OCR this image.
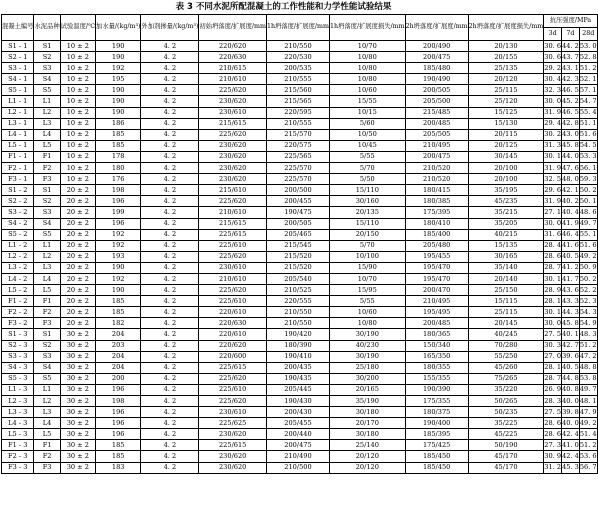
表 3 不同水泥所配混凝土的工作性能和力学性能试验结果
混凝土编号	水泥品种	试验温度/℃	加水量/(kg/m³)	外加剂掺量/(kg/m³)	初始坍落度/扩展度/mm	1h坍落度/扩展度/mm	1h坍落度/扩展度损失/mm	2h坍落度/扩展度/mm	2h坍落度/扩展度损失/mm	抗压强度/MPa		
										3d	7d	28d
S1 - 1	S1	10 ± 2	190	4. 2	220/620	210/550	10/70	200/490	20/130	30. 6	44. 2	53. 0
S2 - 1	S2	10 ± 2	190	4. 2	220/630	220/530	10/80	200/475	20/155	30. 6	43. 7	52. 8
S3 - 1	S3	10 ± 2	192	4. 2	210/615	200/535	10/80	185/480	25/135	29. 2	43. 1	51. 2
S4 - 1	S4	10 ± 2	195	4. 2	210/610	210/555	10/80	190/490	20/120	30. 4	42. 3	52. 1
S5 - 1	S5	10 ± 2	190	4. 2	225/620	215/560	10/60	200/505	25/115	32. 3	46. 5	57. 1
L1 - 1	L1	10 ± 2	190	4. 2	230/620	215/565	15/55	205/500	25/120	30. 0	45. 2	54. 7
L2 - 1	L2	10 ± 2	190	4. 2	230/610	220/595	10/15	215/485	15/125	31. 9	46. 5	55. 4
L3 - 1	L3	10 ± 2	186	4. 2	215/615	210/555	5/60	200/485	15/130	29. 4	42. 8	51. 1
L4 - 1	L4	10 ± 2	185	4. 2	225/620	215/570	10/50	205/505	20/115	30. 2	43. 0	51. 6
L5 - 1	L5	10 ± 2	185	4. 2	230/620	220/575	10/45	210/495	20/125	31. 3	45. 8	54. 5
F1 - 1	F1	10 ± 2	178	4. 2	230/620	225/565	5/55	200/475	30/145	30. 1	44. 0	53. 3
F2 - 1	F2	10 ± 2	180	4. 2	230/620	225/570	5/70	210/520	20/100	31. 9	47. 6	56. 1
F3 - 1	F3	10 ± 2	176	4. 2	230/620	225/570	5/50	210/520	20/100	32. 5	48. 0	59. 3
S1 - 2	S1	20 ± 2	198	4. 2	215/610	200/500	15/110	180/415	35/195	29. 6	42. 1	50. 2
S2 - 2	S2	20 ± 2	196	4. 2	225/620	200/455	30/160	180/385	45/235	31. 9	40. 2	50. 1
S3 - 2	S3	20 ± 2	199	4. 2	210/610	190/475	20/135	175/395	35/215	27. 1	40. 4	48. 6
S4 - 2	S4	20 ± 2	196	4. 2	215/615	200/505	15/110	180/410	35/205	30. 0	41. 9	49. 7
S5 - 2	S5	20 ± 2	192	4. 2	225/615	205/465	20/150	185/400	40/215	31. 6	46. 4	55. 1
L1 - 2	L1	20 ± 2	192	4. 2	225/610	215/545	5/70	205/480	15/135	28. 4	41. 6	51. 6
L2 - 2	L2	20 ± 2	193	4. 2	225/620	215/520	10/100	195/455	30/165	28. 6	40. 5	49. 2
L3 - 2	L3	20 ± 2	190	4. 2	230/610	215/520	15/90	195/470	35/140	28. 7	41. 2	50. 9
L4 - 2	L4	20 ± 2	192	4. 2	210/610	205/540	10/70	195/470	20/140	30. 1	41. 7	50. 2
L5 - 2	L5	20 ± 2	190	4. 2	225/620	210/525	15/95	200/470	25/150	28. 9	43. 6	52. 2
F1 - 2	F1	20 ± 2	185	4. 2	225/610	220/555	5/55	210/495	15/115	28. 1	43. 3	52. 3
F2 - 2	F2	20 ± 2	185	4. 2	220/610	210/550	10/60	195/495	25/115	30. 1	44. 3	54. 3
F3 - 2	F3	20 ± 2	182	4. 2	220/630	210/550	10/80	200/485	20/145	30. 0	45. 8	54. 9
S1 - 3	S1	30 ± 2	204	4. 2	220/610	190/420	30/190	180/365	40/245	27. 5	40. 1	48. 3
S2 - 3	S2	30 ± 2	203	4. 2	220/620	180/390	40/230	150/340	70/280	30. 3	42. 7	51. 2
S3 - 3	S3	30 ± 2	204	4. 2	220/600	190/410	30/190	165/350	55/250	27. 0	39. 6	47. 2
S4 - 3	S4	30 ± 2	204	4. 2	225/615	200/435	25/180	180/355	45/260	28. 1	40. 5	48. 8
S5 - 3	S5	30 ± 2	200	4. 2	225/620	190/435	30/200	155/355	75/265	28. 7	44. 8	53. 8
L1 - 3	L1	30 ± 2	196	4. 2	225/610	205/445	20/165	190/390	35/220	26. 9	40. 8	49. 7
L2 - 3	L2	30 ± 2	198	4. 2	225/620	190/430	35/190	175/355	50/265	28. 3	40. 0	48. 1
L3 - 3	L3	30 ± 2	196	4. 2	230/610	200/430	30/180	180/375	50/235	27. 5	39. 8	47. 9
L4 - 3	L4	30 ± 2	196	4. 2	225/625	205/455	20/170	190/400	35/225	28. 6	40. 0	49. 2
L5 - 3	L5	30 ± 2	196	4. 2	230/620	200/440	30/180	185/395	45/225	28. 6	42. 4	51. 4
F1 - 3	F1	30 ± 2	185	4. 2	225/615	200/475	25/140	175/425	50/190	27. 3	41. 0	51. 2
F2 - 3	F2	30 ± 2	185	4. 2	230/620	210/490	20/120	185/450	45/170	30. 9	42. 4	53. 6
F3 - 3	F3	30 ± 2	183	4. 2	230/620	210/500	20/120	185/450	45/170	31. 2	45. 3	56. 7
